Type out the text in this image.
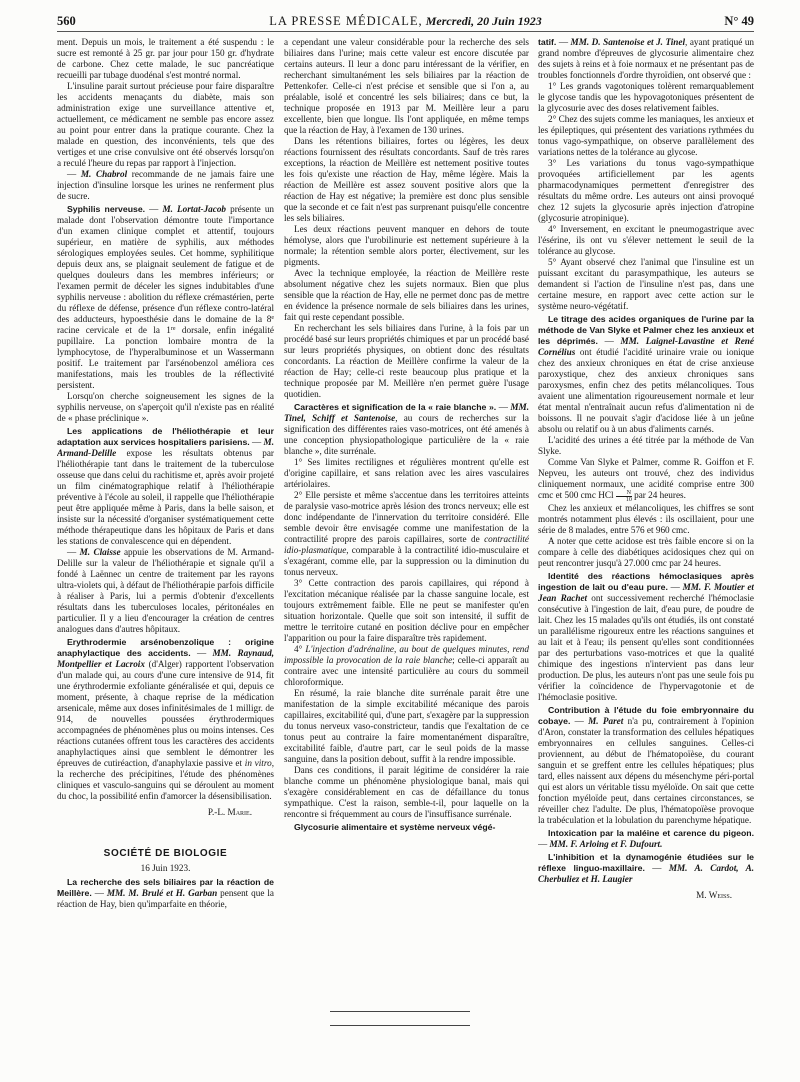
560	LA PRESSE MÉDICALE, Mercredi, 20 Juin 1923	N° 49

ment. Depuis un mois, le traitement a été suspendu : le sucre est remonté à 25 gr. par jour pour 150 gr. d'hydrate de carbone. Chez cette malade, le suc pancréatique recueilli par tubage duodénal s'est montré normal.

L'insuline parait surtout précieuse pour faire disparaître les accidents menaçants du diabète, mais son administration exige une surveillance attentive et, actuellement, ce médicament ne semble pas encore assez au point pour entrer dans la pratique courante. Chez la malade en question, des inconvénients, tels que des vertiges et une crise convulsive ont été observés lorsqu'on a reculé l'heure du repas par rapport à l'injection.

— M. Chabrol recommande de ne jamais faire une injection d'insuline lorsque les urines ne renferment plus de sucre.

Syphilis nerveuse. — M. Lortat-Jacob présente un malade dont l'observation démontre toute l'importance d'un examen clinique complet et attentif, toujours supérieur, en matière de syphilis, aux méthodes sérologiques employées seules. Cet homme, syphilitique depuis deux ans, se plaignait seulement de fatigue et de quelques douleurs dans les membres inférieurs; or l'examen permit de déceler les signes indubitables d'une syphilis nerveuse : abolition du réflexe crémastérien, perte du réflexe de défense, présence d'un réflexe contro-latéral des adducteurs, hypoesthésie dans le domaine de la 8e racine cervicale et de la 1re dorsale, enfin inégalité pupillaire. La ponction lombaire montra de la lymphocytose, de l'hyperalbuminose et un Wassermann positif. Le traitement par l'arsénobenzol améliora ces manifestations, mais les troubles de la réflectivité persistent.

Lorsqu'on cherche soigneusement les signes de la syphilis nerveuse, on s'aperçoit qu'il n'existe pas en réalité de « phase préclinique ».

Les applications de l'héliothérapie et leur adaptation aux services hospitaliers parisiens. — M. Armand-Delille expose les résultats obtenus par l'héliothérapie tant dans le traitement de la tuberculose osseuse que dans celui du rachitisme et, après avoir projeté un film cinématographique relatif à l'héliothérapie préventive à l'école au soleil, il rappelle que l'héliothérapie peut être appliquée même à Paris, dans la belle saison, et insiste sur la nécessité d'organiser systématiquement cette méthode thérapeutique dans les hôpitaux de Paris et dans les stations de convalescence qui en dépendent.

— M. Claisse appuie les observations de M. Armand-Delille sur la valeur de l'héliothérapie et signale qu'il a fondé à Laënnec un centre de traitement par les rayons ultra-violets qui, à défaut de l'héliothérapie parfois difficile à réaliser à Paris, lui a permis d'obtenir d'excellents résultats dans les tuberculoses locales, péritonéales en particulier. Il y a lieu d'encourager la création de centres analogues dans d'autres hôpitaux.

Erythrodermie arsénobenzolique : origine anaphylactique des accidents. — MM. Raynaud, Montpellier et Lacroix (d'Alger) rapportent l'observation d'un malade qui, au cours d'une cure intensive de 914, fit une érythrodermie exfoliante généralisée et qui, depuis ce moment, présente, à chaque reprise de la médication arsenicale, même aux doses infinitésimales de 1 milligr. de 914, de nouvelles poussées érythrodermiques accompagnées de phénomènes plus ou moins intenses. Ces réactions cutanées offrent tous les caractères des accidents anaphylactiques ainsi que semblent le démontrer les épreuves de cutiréaction, d'anaphylaxie passive et in vitro, la recherche des précipitines, l'étude des phénomènes cliniques et vasculo-sanguins qui se déroulent au moment du choc, la possibilité enfin d'amorcer la désensibilisation.

P.-L. Marie.

SOCIÉTÉ DE BIOLOGIE

16 Juin 1923.

La recherche des sels biliaires par la réaction de Meillère. — MM. M. Brulé et H. Garban pensent que la réaction de Hay, bien qu'imparfaite en théorie,

a cependant une valeur considérable pour la recherche des sels biliaires dans l'urine; mais cette valeur est encore discutée par certains auteurs. Il leur a donc paru intéressant de la vérifier, en recherchant simultanément les sels biliaires par la réaction de Pettenkofer. Celle-ci n'est précise et sensible que si l'on a, au préalable, isolé et concentré les sels biliaires; dans ce but, la technique proposée en 1913 par M. Meillère leur a paru excellente, bien que longue. Ils l'ont appliquée, en même temps que la réaction de Hay, à l'examen de 130 urines.

Dans les rétentions biliaires, fortes ou légères, les deux réactions fournissent des résultats concordants. Sauf de très rares exceptions, la réaction de Meillère est nettement positive toutes les fois qu'existe une réaction de Hay, même légère. Mais la réaction de Meillère est assez souvent positive alors que la réaction de Hay est négative; la première est donc plus sensible que la seconde et ce fait n'est pas surprenant puisqu'elle concentre les sels biliaires.

Les deux réactions peuvent manquer en dehors de toute hémolyse, alors que l'urobilinurie est nettement supérieure à la normale; la rétention semble alors porter, électivement, sur les pigments.

Avec la technique employée, la réaction de Meillère reste absolument négative chez les sujets normaux. Bien que plus sensible que la réaction de Hay, elle ne permet donc pas de mettre en évidence la présence normale de sels biliaires dans les urines, fait qui reste cependant possible.

En recherchant les sels biliaires dans l'urine, à la fois par un procédé basé sur leurs propriétés chimiques et par un procédé basé sur leurs propriétés physiques, on obtient donc des résultats concordants. La réaction de Meillère confirme la valeur de la réaction de Hay; celle-ci reste beaucoup plus pratique et la technique proposée par M. Meillère n'en permet guère l'usage quotidien.

Caractères et signification de la « raie blanche ». — MM. Tinel, Schiff et Santenoise, au cours de recherches sur la signification des différentes raies vaso-motrices, ont été amenés à une conception physiopathologique particulière de la « raie blanche », dite surrénale.

1° Ses limites rectilignes et régulières montrent qu'elle est d'origine capillaire, et sans relation avec les aires vasculaires artériolaires.

2° Elle persiste et même s'accentue dans les territoires atteints de paralysie vaso-motrice après lésion des troncs nerveux; elle est donc indépendante de l'innervation du territoire considéré. Elle semble devoir être envisagée comme une manifestation de la contractilité propre des parois capillaires, sorte de contractilité idio-plasmatique, comparable à la contractilité idio-musculaire et s'exagérant, comme elle, par la suppression ou la diminution du tonus nerveux.

3° Cette contraction des parois capillaires, qui répond à l'excitation mécanique réalisée par la chasse sanguine locale, est toujours extrêmement faible. Elle ne peut se manifester qu'en situation horizontale. Quelle que soit son intensité, il suffit de mettre le territoire cutané en position déclive pour en empêcher l'apparition ou pour la faire disparaître très rapidement.

4° L'injection d'adrénaline, au bout de quelques minutes, rend impossible la provocation de la raie blanche; celle-ci apparaît au contraire avec une intensité particulière au cours du sommeil chloroformique.

En résumé, la raie blanche dite surrénale parait être une manifestation de la simple excitabilité mécanique des parois capillaires, excitabilité qui, d'une part, s'exagère par la suppression du tonus nerveux vaso-constricteur, tandis que l'exaltation de ce tonus peut au contraire la faire momentanément disparaître, excitabilité faible, d'autre part, car le seul poids de la masse sanguine, dans la position debout, suffit à la rendre impossible.

Dans ces conditions, il parait légitime de considérer la raie blanche comme un phénomène physiologique banal, mais qui s'exagère considérablement en cas de défaillance du tonus sympathique. C'est la raison, semble-t-il, pour laquelle on la rencontre si fréquemment au cours de l'insuffisance surrénale.

Glycosurie alimentaire et système nerveux végé-

tatif. — MM. D. Santenoise et J. Tinel, ayant pratiqué un grand nombre d'épreuves de glycosurie alimentaire chez des sujets à reins et à foie normaux et ne présentant pas de troubles fonctionnels d'ordre thyroïdien, ont observé que :

1° Les grands vagotoniques tolèrent remarquablement le glycose tandis que les hypovagotoniques présentent de la glycosurie avec des doses relativement faibles.

2° Chez des sujets comme les maniaques, les anxieux et les épileptiques, qui présentent des variations rythmées du tonus vago-sympathique, on observe parallèlement des variations nettes de la tolérance au glycose.

3° Les variations du tonus vago-sympathique provoquées artificiellement par les agents pharmacodynamiques permettent d'enregistrer des résultats du même ordre. Les auteurs ont ainsi provoqué chez 12 sujets la glycosurie après injection d'atropine (glycosurie atropinique).

4° Inversement, en excitant le pneumogastrique avec l'ésérine, ils ont vu s'élever nettement le seuil de la tolérance au glycose.

5° Ayant observé chez l'animal que l'insuline est un puissant excitant du parasympathique, les auteurs se demandent si l'action de l'insuline n'est pas, dans une certaine mesure, en rapport avec cette action sur le système neuro-végétatif.

Le titrage des acides organiques de l'urine par la méthode de Van Slyke et Palmer chez les anxieux et les déprimés. — MM. Laignel-Lavastine et René Cornélius ont étudié l'acidité urinaire vraie ou ionique chez des anxieux chroniques en état de crise anxieuse paroxystique, chez des anxieux chroniques sans paroxysmes, enfin chez des petits mélancoliques. Tous avaient une alimentation rigoureusement normale et leur état mental n'entraînait aucun refus d'alimentation ni de boissons. Il ne pouvait s'agir d'acidose liée à un jeûne absolu ou relatif ou à un abus d'aliments carnés.

L'acidité des urines a été titrée par la méthode de Van Slyke.

Comme Van Slyke et Palmer, comme R. Goiffon et F. Nepveu, les auteurs ont trouvé, chez des individus cliniquement normaux, une acidité comprise entre 300 cmc et 500 cmc HCl $\frac{N}{10}$ par 24 heures.

Chez les anxieux et mélancoliques, les chiffres se sont montrés notamment plus élevés : ils oscillaient, pour une série de 8 malades, entre 576 et 960 cmc.

A noter que cette acidose est très faible encore si on la compare à celle des diabétiques acidosiques chez qui on peut rencontrer jusqu'à 27.000 cmc par 24 heures.

Identité des réactions hémoclasiques après ingestion de lait ou d'eau pure. — MM. F. Moutier et Jean Rachet ont successivement recherché l'hémoclasie consécutive à l'ingestion de lait, d'eau pure, de poudre de lait. Chez les 15 malades qu'ils ont étudiés, ils ont constaté un parallélisme rigoureux entre les réactions sanguines et au lait et à l'eau; ils pensent qu'elles sont conditionnées par des perturbations vaso-motrices et que la qualité chimique des ingestions n'intervient pas dans leur production. De plus, les auteurs n'ont pas une seule fois pu vérifier la coïncidence de l'hypervagotonie et de l'hémoclasie positive.

Contribution à l'étude du foie embryonnaire du cobaye. — M. Paret n'a pu, contrairement à l'opinion d'Aron, constater la transformation des cellules hépatiques embryonnaires en cellules sanguines. Celles-ci proviennent, au début de l'hématopoïèse, du courant sanguin et se greffent entre les cellules hépatiques; plus tard, elles naissent aux dépens du mésenchyme péri-portal qui est alors un véritable tissu myéloïde. On sait que cette fonction myéloïde peut, dans certaines circonstances, se réveiller chez l'adulte. De plus, l'hématopoïèse provoque la trabéculation et la lobulation du parenchyme hépatique.

Intoxication par la maléine et carence du pigeon. — MM. F. Arloing et F. Dufourt.

L'inhibition et la dynamogénie étudiées sur le réflexe linguo-maxillaire. — MM. A. Cardot, A. Cherbuliez et H. Laugier

M. Weiss.
